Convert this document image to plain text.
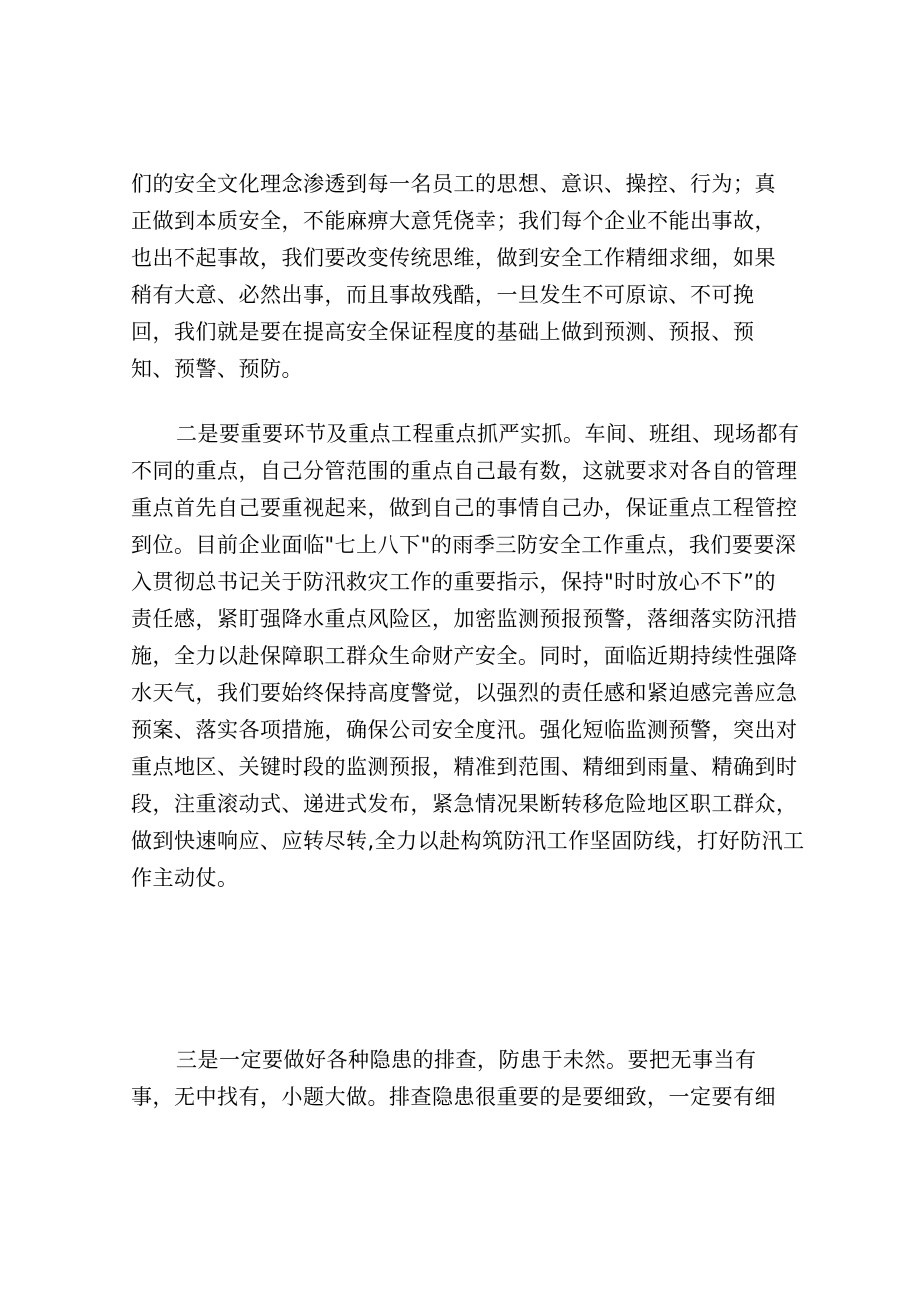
们的安全文化理念渗透到每一名员工的思想、意识、操控、行为；真
正做到本质安全，不能麻痹大意凭侥幸；我们每个企业不能出事故，
也出不起事故，我们要改变传统思维，做到安全工作精细求细，如果
稍有大意、必然出事，而且事故残酷，一旦发生不可原谅、不可挽
回，我们就是要在提高安全保证程度的基础上做到预测、预报、预
知、预警、预防。
二是要重要环节及重点工程重点抓严实抓。车间、班组、现场都有
不同的重点，自己分管范围的重点自己最有数，这就要求对各自的管理
重点首先自己要重视起来，做到自己的事情自己办，保证重点工程管控
到位。目前企业面临"七上八下"的雨季三防安全工作重点，我们要要深
入贯彻总书记关于防汛救灾工作的重要指示，保持"时时放心不下”的
责任感，紧盯强降水重点风险区，加密监测预报预警，落细落实防汛措
施，全力以赴保障职工群众生命财产安全。同时，面临近期持续性强降
水天气，我们要始终保持高度警觉，以强烈的责任感和紧迫感完善应急
预案、落实各项措施，确保公司安全度汛。强化短临监测预警，突出对
重点地区、关键时段的监测预报，精准到范围、精细到雨量、精确到时
段，注重滚动式、递进式发布，紧急情况果断转移危险地区职工群众，
做到快速响应、应转尽转,全力以赴构筑防汛工作坚固防线，打好防汛工
作主动仗。
三是一定要做好各种隐患的排查，防患于未然。要把无事当有
事，无中找有，小题大做。排查隐患很重要的是要细致，一定要有细
